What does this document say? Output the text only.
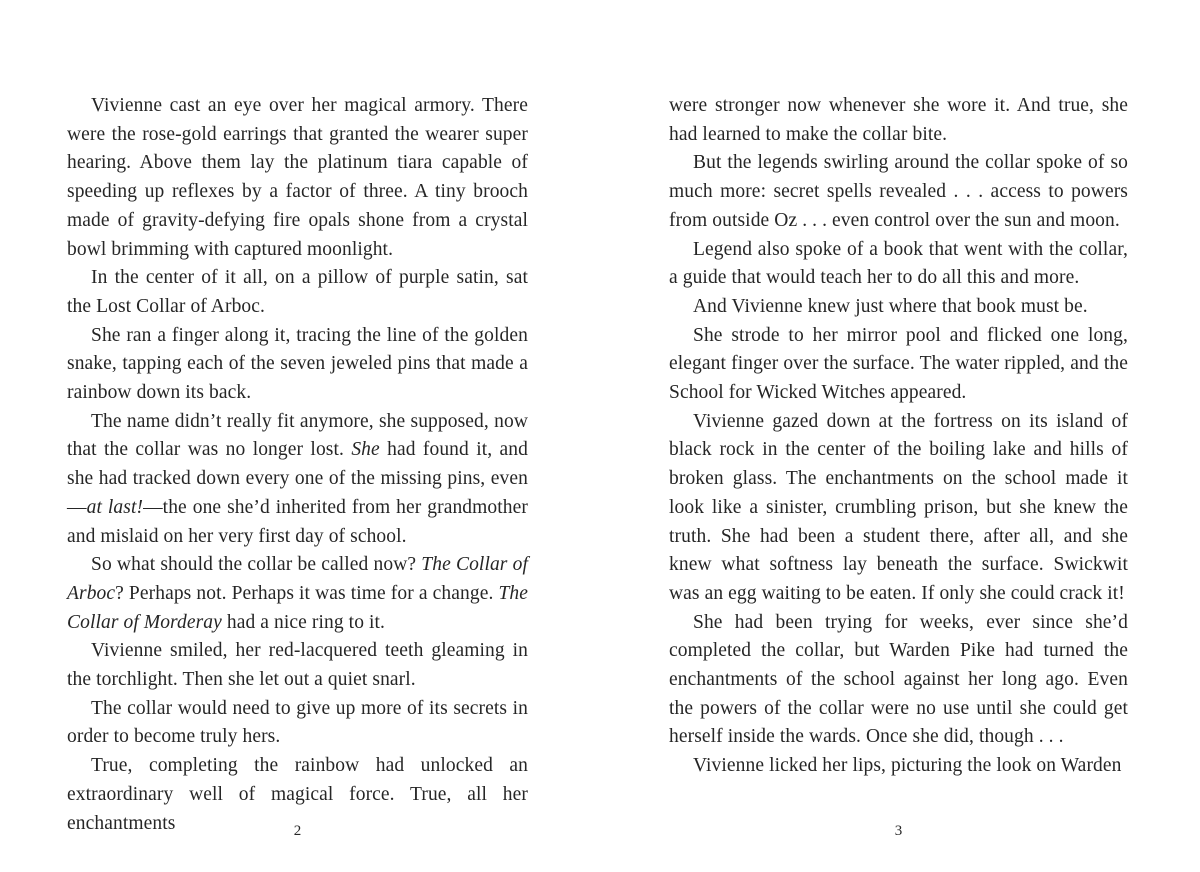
Vivienne cast an eye over her magical armory. There were the rose-gold earrings that granted the wearer super hearing. Above them lay the platinum tiara capable of speeding up reflexes by a factor of three. A tiny brooch made of gravity-defying fire opals shone from a crystal bowl brimming with captured moonlight.

In the center of it all, on a pillow of purple satin, sat the Lost Collar of Arboc.

She ran a finger along it, tracing the line of the golden snake, tapping each of the seven jeweled pins that made a rainbow down its back.

The name didn’t really fit anymore, she supposed, now that the collar was no longer lost. She had found it, and she had tracked down every one of the missing pins, even—at last!—the one she’d inherited from her grandmother and mislaid on her very first day of school.

So what should the collar be called now? The Collar of Arboc? Perhaps not. Perhaps it was time for a change. The Collar of Morderay had a nice ring to it.

Vivienne smiled, her red-lacquered teeth gleaming in the torchlight. Then she let out a quiet snarl.

The collar would need to give up more of its secrets in order to become truly hers.

True, completing the rainbow had unlocked an extraordinary well of magical force. True, all her enchantments	2

were stronger now whenever she wore it. And true, she had learned to make the collar bite.

But the legends swirling around the collar spoke of so much more: secret spells revealed . . . access to powers from outside Oz . . . even control over the sun and moon.

Legend also spoke of a book that went with the collar, a guide that would teach her to do all this and more.

And Vivienne knew just where that book must be.

She strode to her mirror pool and flicked one long, elegant finger over the surface. The water rippled, and the School for Wicked Witches appeared.

Vivienne gazed down at the fortress on its island of black rock in the center of the boiling lake and hills of broken glass. The enchantments on the school made it look like a sinister, crumbling prison, but she knew the truth. She had been a student there, after all, and she knew what softness lay beneath the surface. Swickwit was an egg waiting to be eaten. If only she could crack it!

She had been trying for weeks, ever since she’d completed the collar, but Warden Pike had turned the enchantments of the school against her long ago. Even the powers of the collar were no use until she could get herself inside the wards. Once she did, though . . .

Vivienne licked her lips, picturing the look on Warden

3
